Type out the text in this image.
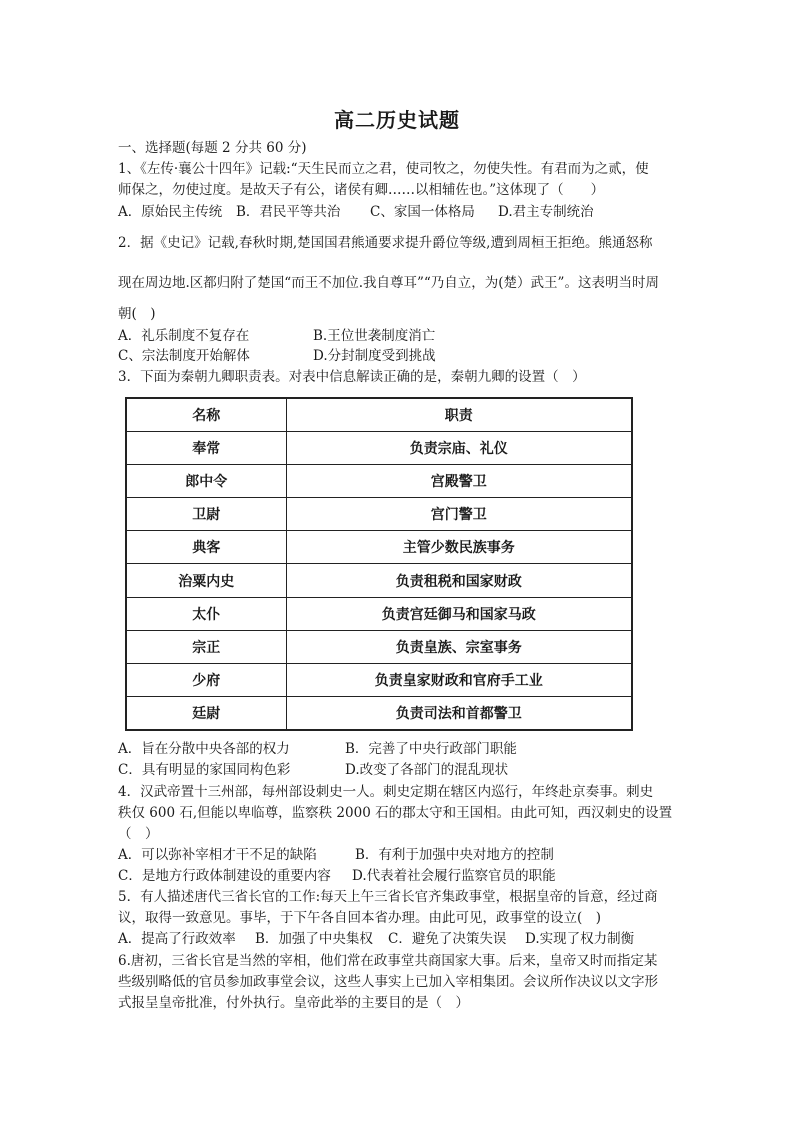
高二历史试题
一、选择题(每题 2 分共 60 分)
1、《左传·襄公十四年》记载:“天生民而立之君，使司牧之，勿使失性。有君而为之贰，使
师保之，勿使过度。是故天子有公，诸侯有卿……以相辅佐也。”这体现了（　　）
A．原始民主传统 B．君民平等共治 C、家国一体格局 D.君主专制统治
2．据《史记》记载,春秋时期,楚国国君熊通要求提升爵位等级,遭到周桓王拒绝。熊通怒称
现在周边地.区都归附了楚国“而王不加位.我自尊耳”“乃自立，为(楚）武王”。这表明当时周
朝(　)
A．礼乐制度不复存在	B.王位世袭制度消亡
C、宗法制度开始解体	D.分封制度受到挑战
3．下面为秦朝九卿职责表。对表中信息解读正确的是，秦朝九卿的设置（　）
名称	职责
奉常	负责宗庙、礼仪
郎中令	宫殿警卫
卫尉	宫门警卫
典客	主管少数民族事务
治粟内史	负责租税和国家财政
太仆	负责宫廷御马和国家马政
宗正	负责皇族、宗室事务
少府	负责皇家财政和官府手工业
廷尉	负责司法和首都警卫
A．旨在分散中央各部的权力	B．完善了中央行政部门职能
C．具有明显的家国同构色彩	D.改变了各部门的混乱现状
4．汉武帝置十三州部，每州部设刺史一人。刺史定期在辖区内巡行，年终赴京奏事。刺史
秩仅 600 石,但能以卑临尊，监察秩 2000 石的郡太守和王国相。由此可知，西汉刺史的设置
（　）
A．可以弥补宰相才干不足的缺陷	B．有利于加强中央对地方的控制
C．是地方行政体制建设的重要内容 D.代表着社会履行监察官员的职能
5．有人描述唐代三省长官的工作:每天上午三省长官齐集政事堂，根据皇帝的旨意，经过商
议，取得一致意见。事毕，于下午各自回本省办理。由此可见，政事堂的设立(　)
A．提高了行政效率 B．加强了中央集权 C．避免了决策失误 D.实现了权力制衡
6.唐初，三省长官是当然的宰相，他们常在政事堂共商国家大事。后来，皇帝又时而指定某
些级别略低的官员参加政事堂会议，这些人事实上已加入宰相集团。会议所作决议以文字形
式报呈皇帝批准，付外执行。皇帝此举的主要目的是（　）
